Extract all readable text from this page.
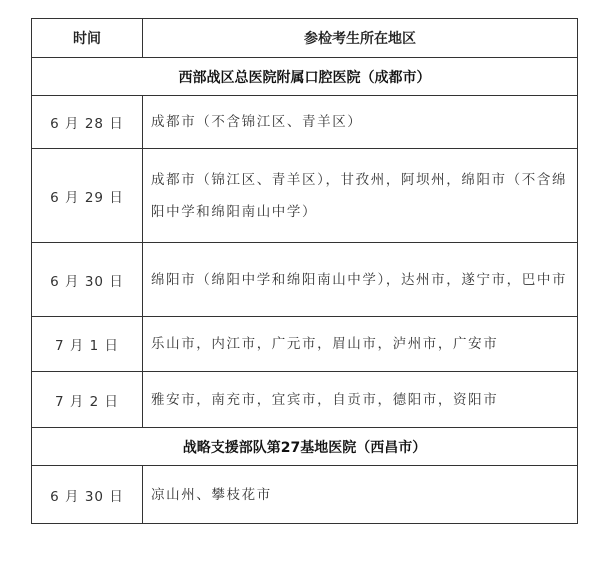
时间	参检考生所在地区
西部战区总医院附属口腔医院（成都市）	
6 月 28 日	成都市（不含锦江区、青羊区）
6 月 29 日	成都市（锦江区、青羊区），甘孜州，阿坝州，绵阳市（不含绵阳中学和绵阳南山中学）
6 月 30 日	绵阳市（绵阳中学和绵阳南山中学），达州市，遂宁市，巴中市
7 月 1 日	乐山市，内江市，广元市，眉山市，泸州市，广安市
7 月 2 日	雅安市，南充市，宜宾市，自贡市，德阳市，资阳市
战略支援部队第27基地医院（西昌市）	
6 月 30 日	凉山州、攀枝花市
